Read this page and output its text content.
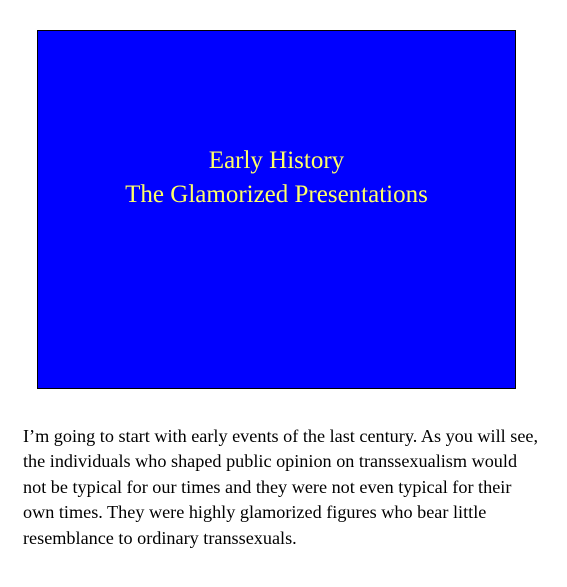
Early History
The Glamorized Presentations

I’m going to start with early events of the last century. As you will see, the individuals who shaped public opinion on transsexualism would not be typical for our times and they were not even typical for their own times. They were highly glamorized figures who bear little resemblance to ordinary transsexuals.
